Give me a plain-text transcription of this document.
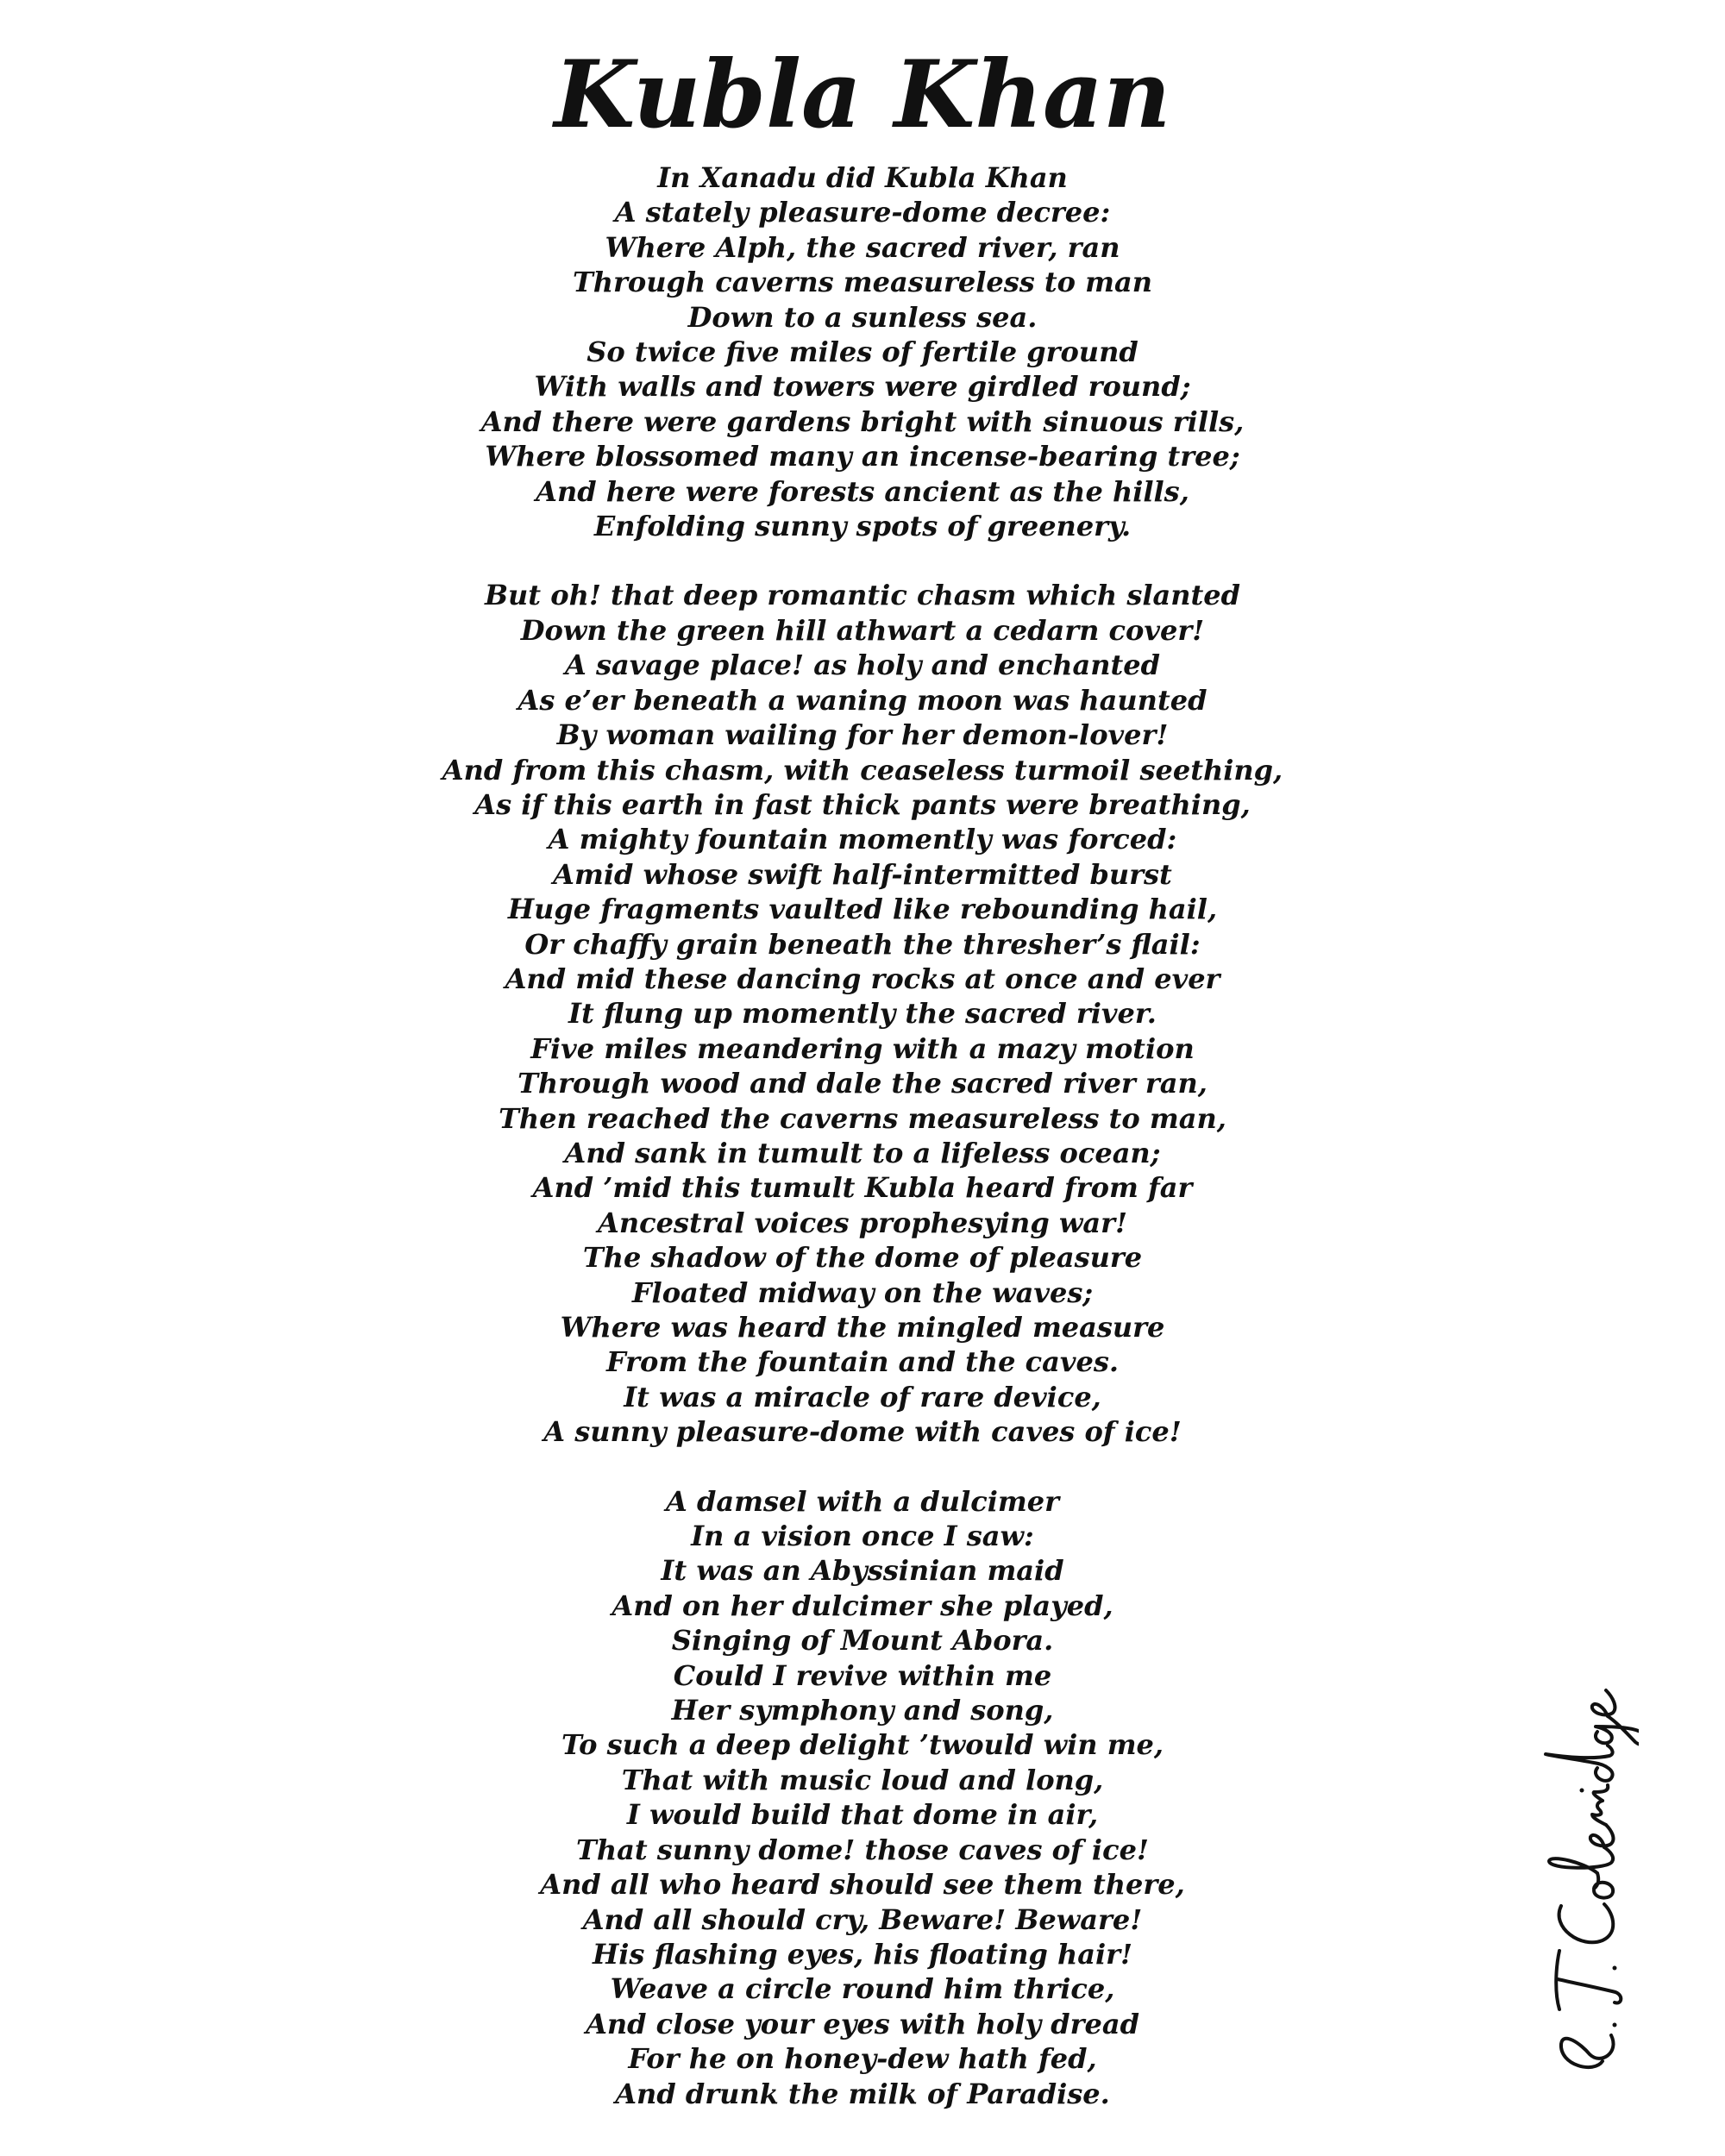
Kubla Khan
In Xanadu did Kubla Khan
A stately pleasure-dome decree:
Where Alph, the sacred river, ran
Through caverns measureless to man
Down to a sunless sea.
So twice five miles of fertile ground
With walls and towers were girdled round;
And there were gardens bright with sinuous rills,
Where blossomed many an incense-bearing tree;
And here were forests ancient as the hills,
Enfolding sunny spots of greenery.
But oh! that deep romantic chasm which slanted
Down the green hill athwart a cedarn cover!
A savage place! as holy and enchanted
As e’er beneath a waning moon was haunted
By woman wailing for her demon-lover!
And from this chasm, with ceaseless turmoil seething,
As if this earth in fast thick pants were breathing,
A mighty fountain momently was forced:
Amid whose swift half-intermitted burst
Huge fragments vaulted like rebounding hail,
Or chaffy grain beneath the thresher’s flail:
And mid these dancing rocks at once and ever
It flung up momently the sacred river.
Five miles meandering with a mazy motion
Through wood and dale the sacred river ran,
Then reached the caverns measureless to man,
And sank in tumult to a lifeless ocean;
And ’mid this tumult Kubla heard from far
Ancestral voices prophesying war!
The shadow of the dome of pleasure
Floated midway on the waves;
Where was heard the mingled measure
From the fountain and the caves.
It was a miracle of rare device,
A sunny pleasure-dome with caves of ice!
A damsel with a dulcimer
In a vision once I saw:
It was an Abyssinian maid
And on her dulcimer she played,
Singing of Mount Abora.
Could I revive within me
Her symphony and song,
To such a deep delight ’twould win me,
That with music loud and long,
I would build that dome in air,
That sunny dome! those caves of ice!
And all who heard should see them there,
And all should cry, Beware! Beware!
His flashing eyes, his floating hair!
Weave a circle round him thrice,
And close your eyes with holy dread
For he on honey-dew hath fed,
And drunk the milk of Paradise.
